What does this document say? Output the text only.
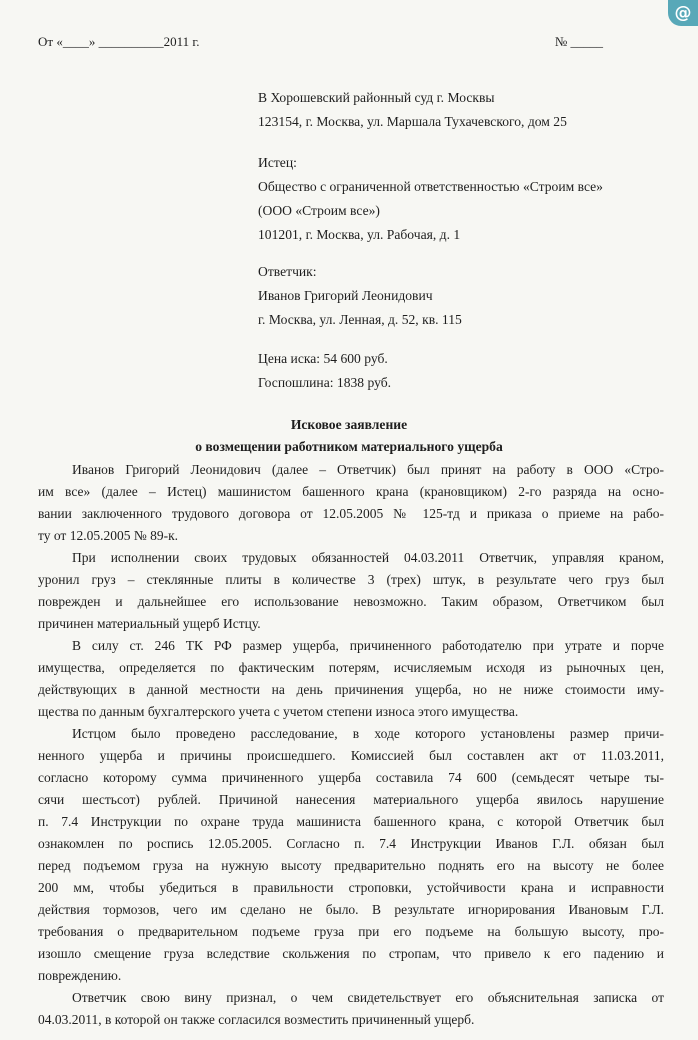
@
От «____» __________2011 г.	№ _____
В Хорошевский районный суд г. Москвы
123154, г. Москва, ул. Маршала Тухачевского, дом 25
Истец:
Общество с ограниченной ответственностью «Строим все»
(ООО «Строим все»)
101201, г. Москва, ул. Рабочая, д. 1
Ответчик:
Иванов Григорий Леонидович
г. Москва, ул. Ленная, д. 52, кв. 115
Цена иска: 54 600 руб.
Госпошлина: 1838 руб.
Исковое заявление
о возмещении работником материального ущерба
Иванов Григорий Леонидович (далее – Ответчик) был принят на работу в ООО «Стро-
им все» (далее – Истец) машинистом башенного крана (крановщиком) 2-го разряда на осно-
вании заключенного трудового договора от 12.05.2005 № 125-тд и приказа о приеме на рабо-
ту от 12.05.2005 № 89-к.
При исполнении своих трудовых обязанностей 04.03.2011 Ответчик, управляя краном,
уронил груз – стеклянные плиты в количестве 3 (трех) штук, в результате чего груз был
поврежден и дальнейшее его использование невозможно. Таким образом, Ответчиком был
причинен материальный ущерб Истцу.
В силу ст. 246 ТК РФ размер ущерба, причиненного работодателю при утрате и порче
имущества, определяется по фактическим потерям, исчисляемым исходя из рыночных цен,
действующих в данной местности на день причинения ущерба, но не ниже стоимости иму-
щества по данным бухгалтерского учета с учетом степени износа этого имущества.
Истцом было проведено расследование, в ходе которого установлены размер причи-
ненного ущерба и причины происшедшего. Комиссией был составлен акт от 11.03.2011,
согласно которому сумма причиненного ущерба составила 74 600 (семьдесят четыре ты-
сячи шестьсот) рублей. Причиной нанесения материального ущерба явилось нарушение
п. 7.4 Инструкции по охране труда машиниста башенного крана, с которой Ответчик был
ознакомлен по роспись 12.05.2005. Согласно п. 7.4 Инструкции Иванов Г.Л. обязан был
перед подъемом груза на нужную высоту предварительно поднять его на высоту не более
200 мм, чтобы убедиться в правильности строповки, устойчивости крана и исправности
действия тормозов, чего им сделано не было. В результате игнорирования Ивановым Г.Л.
требования о предварительном подъеме груза при его подъеме на большую высоту, про-
изошло смещение груза вследствие скольжения по стропам, что привело к его падению и
повреждению.
Ответчик свою вину признал, о чем свидетельствует его объяснительная записка от
04.03.2011, в которой он также согласился возместить причиненный ущерб.
